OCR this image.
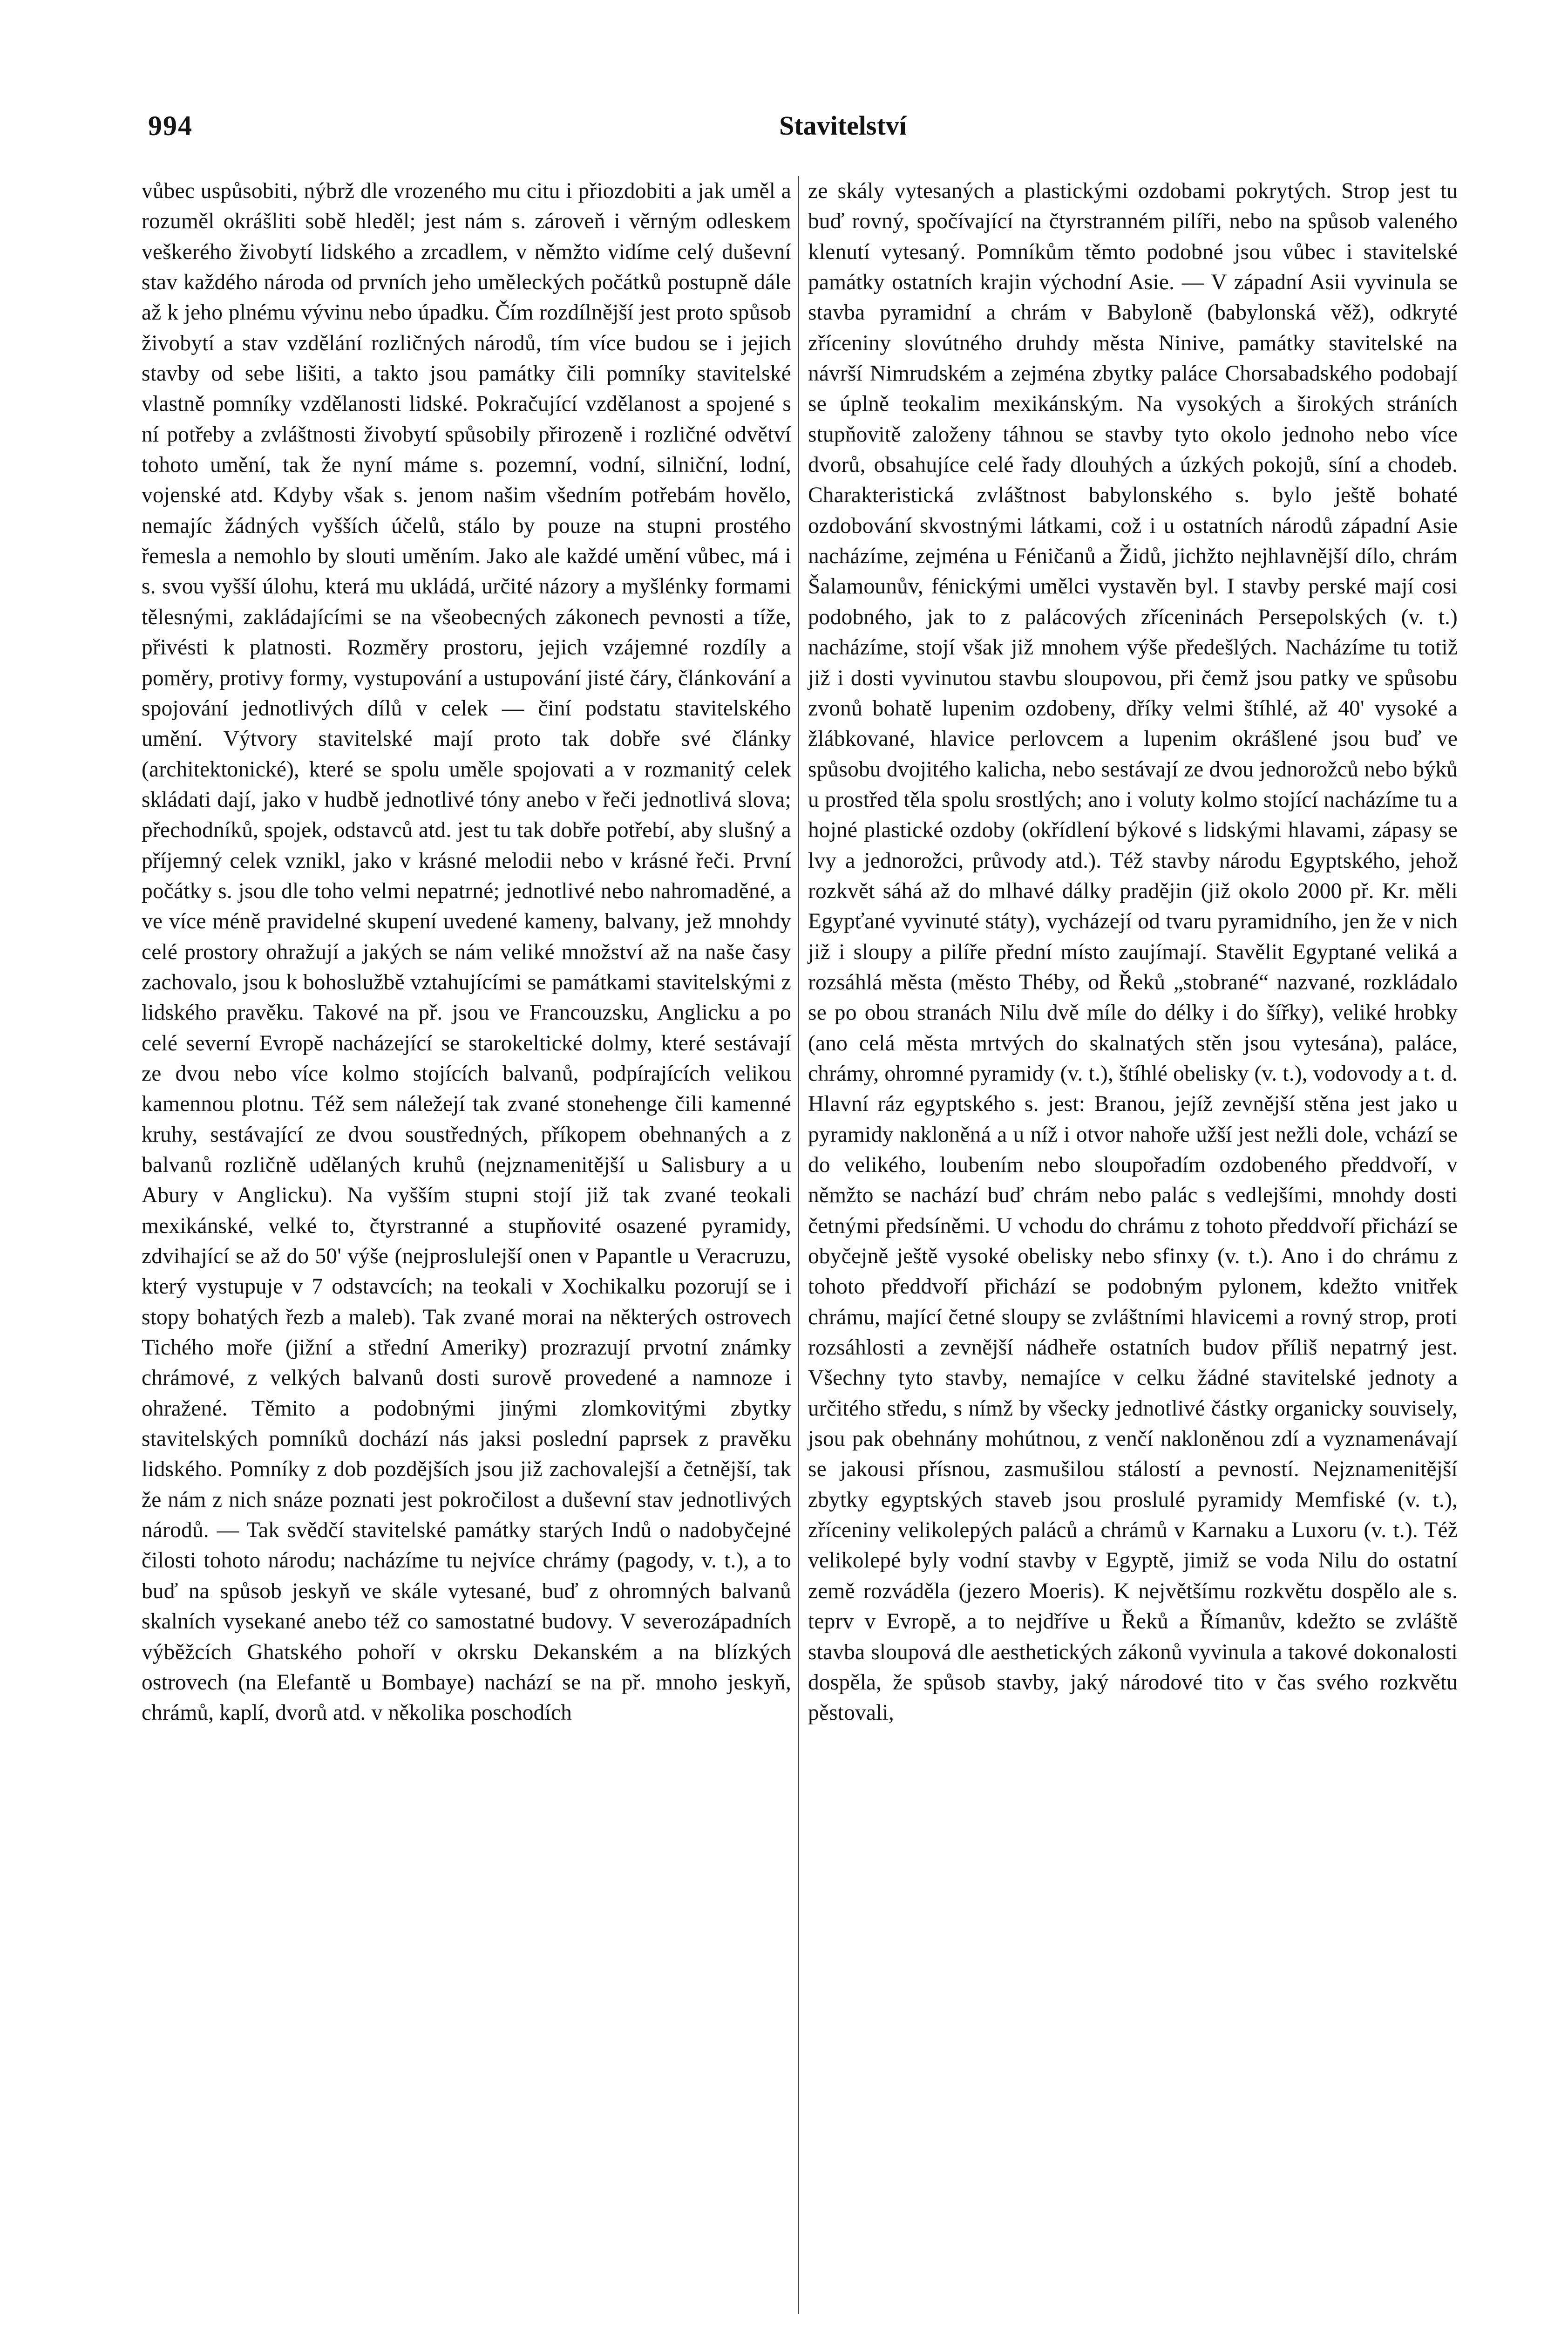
994	Stavitelství

vůbec uspůsobiti, nýbrž dle vrozeného mu citu i přiozdobiti a jak uměl a rozuměl okrášliti sobě hleděl; jest nám s. zároveň i věrným odleskem veškerého živobytí lidského a zrcadlem, v němžto vidíme celý duševní stav každého národa od prvních jeho uměleckých počátků postupně dále až k jeho plnému vývinu nebo úpadku. Čím rozdílnější jest proto spůsob živobytí a stav vzdělání rozličných národů, tím více budou se i jejich stavby od sebe lišiti, a takto jsou památky čili pomníky stavitelské vlastně pomníky vzdělanosti lidské. Pokračující vzdělanost a spojené s ní potřeby a zvláštnosti živobytí spůsobily přirozeně i rozličné odvětví tohoto umění, tak že nyní máme s. pozemní, vodní, silniční, lodní, vojenské atd. Kdyby však s. jenom našim všedním potřebám hovělo, nemajíc žádných vyšších účelů, stálo by pouze na stupni prostého řemesla a nemohlo by slouti uměním. Jako ale každé umění vůbec, má i s. svou vyšší úlohu, která mu ukládá, určité názory a myšlénky formami tělesnými, zakládajícími se na všeobecných zákonech pevnosti a tíže, přivésti k platnosti. Rozměry prostoru, jejich vzájemné rozdíly a poměry, protivy formy, vystupování a ustupování jisté čáry, článkování a spojování jednotlivých dílů v celek — činí podstatu stavitelského umění. Výtvory stavitelské mají proto tak dobře své články (architektonické), které se spolu uměle spojovati a v rozmanitý celek skládati dají, jako v hudbě jednotlivé tóny anebo v řeči jednotlivá slova; přechodníků, spojek, odstavců atd. jest tu tak dobře potřebí, aby slušný a příjemný celek vznikl, jako v krásné melodii nebo v krásné řeči. První počátky s. jsou dle toho velmi nepatrné; jednotlivé nebo nahromaděné, a ve více méně pravidelné skupení uvedené kameny, balvany, jež mnohdy celé prostory ohražují a jakých se nám veliké množství až na naše časy zachovalo, jsou k bohoslužbě vztahujícími se památkami stavitelskými z lidského pravěku. Takové na př. jsou ve Francouzsku, Anglicku a po celé severní Evropě nacházející se starokeltické dolmy, které sestávají ze dvou nebo více kolmo stojících balvanů, podpírajících velikou kamennou plotnu. Též sem náležejí tak zvané stonehenge čili kamenné kruhy, sestávající ze dvou soustředných, příkopem obehnaných a z balvanů rozličně udělaných kruhů (nejznamenitější u Salisbury a u Abury v Anglicku). Na vyšším stupni stojí již tak zvané teokali mexikánské, velké to, čtyrstranné a stupňovité osazené pyramidy, zdvihající se až do 50' výše (nejproslulejší onen v Papantle u Veracruzu, který vystupuje v 7 odstavcích; na teokali v Xochikalku pozorují se i stopy bohatých řezb a maleb). Tak zvané morai na některých ostrovech Tichého moře (jižní a střední Ameriky) prozrazují prvotní známky chrámové, z velkých balvanů dosti surově provedené a namnoze i ohražené. Těmito a podobnými jinými zlomkovitými zbytky stavitelských pomníků dochází nás jaksi poslední paprsek z pravěku lidského. Pomníky z dob pozdějších jsou již zachovalejší a četnější, tak že nám z nich snáze poznati jest pokročilost a duševní stav jednotlivých národů. — Tak svědčí stavitelské památky starých Indů o nadobyčejné čilosti tohoto národu; nacházíme tu nejvíce chrámy (pagody, v. t.), a to buď na spůsob jeskyň ve skále vytesané, buď z ohromných balvanů skalních vysekané anebo též co samostatné budovy. V severozápadních výběžcích Ghatského pohoří v okrsku Dekanském a na blízkých ostrovech (na Elefantě u Bombaye) nachází se na př. mnoho jeskyň, chrámů, kaplí, dvorů atd. v několika poschodích

ze skály vytesaných a plastickými ozdobami pokrytých. Strop jest tu buď rovný, spočívající na čtyrstranném pilíři, nebo na spůsob valeného klenutí vytesaný. Pomníkům těmto podobné jsou vůbec i stavitelské památky ostatních krajin východní Asie. — V západní Asii vyvinula se stavba pyramidní a chrám v Babyloně (babylonská věž), odkryté zříceniny slovútného druhdy města Ninive, památky stavitelské na návrší Nimrudském a zejména zbytky paláce Chorsabadského podobají se úplně teokalim mexikánským. Na vysokých a širokých stráních stupňovitě založeny táhnou se stavby tyto okolo jednoho nebo více dvorů, obsahujíce celé řady dlouhých a úzkých pokojů, síní a chodeb. Charakteristická zvláštnost babylonského s. bylo ještě bohaté ozdobování skvostnými látkami, což i u ostatních národů západní Asie nacházíme, zejména u Féničanů a Židů, jichžto nejhlavnější dílo, chrám Šalamounův, fénickými umělci vystavěn byl. I stavby perské mají cosi podobného, jak to z palácových zříceninách Persepolských (v. t.) nacházíme, stojí však již mnohem výše předešlých. Nacházíme tu totiž již i dosti vyvinutou stavbu sloupovou, při čemž jsou patky ve spůsobu zvonů bohatě lupenim ozdobeny, dříky velmi štíhlé, až 40' vysoké a žlábkované, hlavice perlovcem a lupenim okrášlené jsou buď ve spůsobu dvojitého kalicha, nebo sestávají ze dvou jednorožců nebo býků u prostřed těla spolu srostlých; ano i voluty kolmo stojící nacházíme tu a hojné plastické ozdoby (okřídlení býkové s lidskými hlavami, zápasy se lvy a jednorožci, průvody atd.). Též stavby národu Egyptského, jehož rozkvět sáhá až do mlhavé dálky pradějin (již okolo 2000 př. Kr. měli Egypťané vyvinuté státy), vycházejí od tvaru pyramidního, jen že v nich již i sloupy a pilíře přední místo zaujímají. Stavělit Egyptané veliká a rozsáhlá města (město Théby, od Řeků „stobrané“ nazvané, rozkládalo se po obou stranách Nilu dvě míle do délky i do šířky), veliké hrobky (ano celá města mrtvých do skalnatých stěn jsou vytesána), paláce, chrámy, ohromné pyramidy (v. t.), štíhlé obelisky (v. t.), vodovody a t. d. Hlavní ráz egyptského s. jest: Branou, jejíž zevnější stěna jest jako u pyramidy nakloněná a u níž i otvor nahoře užší jest nežli dole, vchází se do velikého, loubením nebo sloupořadím ozdobeného předdvoří, v němžto se nachází buď chrám nebo palác s vedlejšími, mnohdy dosti četnými předsíněmi. U vchodu do chrámu z tohoto předdvoří přichází se obyčejně ještě vysoké obelisky nebo sfinxy (v. t.). Ano i do chrámu z tohoto předdvoří přichází se podobným pylonem, kdežto vnitřek chrámu, mající četné sloupy se zvláštními hlavicemi a rovný strop, proti rozsáhlosti a zevnější nádheře ostatních budov příliš nepatrný jest. Všechny tyto stavby, nemajíce v celku žádné stavitelské jednoty a určitého středu, s nímž by všecky jednotlivé částky organicky souvisely, jsou pak obehnány mohútnou, z venčí nakloněnou zdí a vyznamenávají se jakousi přísnou, zasmušilou stálostí a pevností. Nejznamenitější zbytky egyptských staveb jsou proslulé pyramidy Memfiské (v. t.), zříceniny velikolepých paláců a chrámů v Karnaku a Luxoru (v. t.). Též velikolepé byly vodní stavby v Egyptě, jimiž se voda Nilu do ostatní země rozváděla (jezero Moeris). K největšímu rozkvětu dospělo ale s. teprv v Evropě, a to nejdříve u Řeků a Římanův, kdežto se zvláště stavba sloupová dle aesthetických zákonů vyvinula a takové dokonalosti dospěla, že spůsob stavby, jaký národové tito v čas svého rozkvětu pěstovali,
